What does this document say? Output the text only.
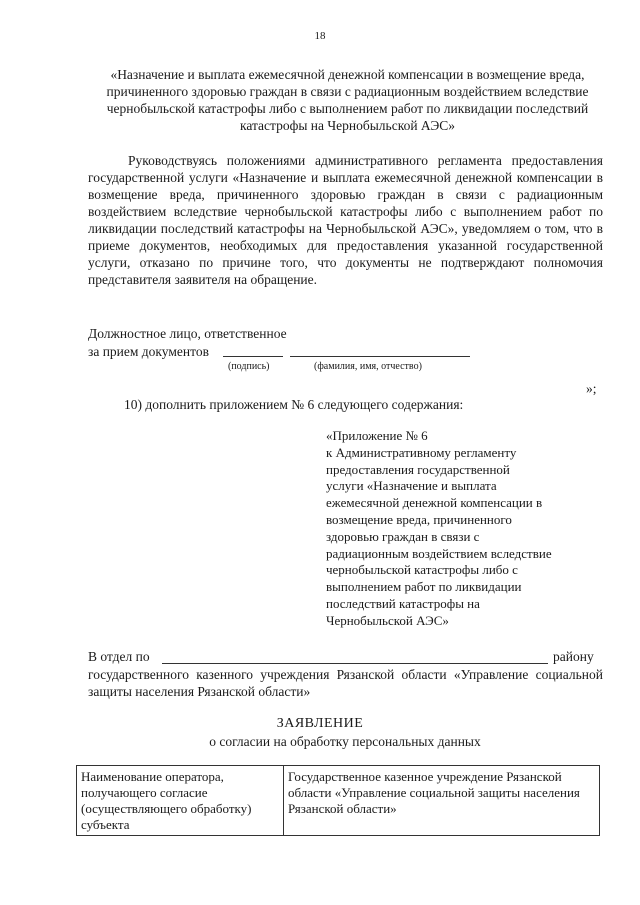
18
«Назначение и выплата ежемесячной денежной компенсации в возмещение вреда, причиненного здоровью граждан в связи с радиационным воздействием вследствие чернобыльской катастрофы либо с выполнением работ по ликвидации последствий катастрофы на Чернобыльской АЭС»
Руководствуясь положениями административного регламента предоставления государственной услуги «Назначение и выплата ежемесячной денежной компенсации в возмещение вреда, причиненного здоровью граждан в связи с радиационным воздействием вследствие чернобыльской катастрофы либо с выполнением работ по ликвидации последствий катастрофы на Чернобыльской АЭС», уведомляем о том, что в приеме документов, необходимых для предоставления указанной государственной услуги, отказано по причине того, что документы не подтверждают полномочия представителя заявителя на обращение.
Должностное лицо, ответственное
за прием документов
(подпись)	(фамилия, имя, отчество)
»;
10) дополнить приложением № 6 следующего содержания:
«Приложение № 6
к Административному регламенту
предоставления государственной
услуги «Назначение и выплата
ежемесячной денежной компенсации в
возмещение вреда, причиненного
здоровью граждан в связи с
радиационным воздействием вследствие
чернобыльской катастрофы либо с
выполнением работ по ликвидации
последствий катастрофы на
Чернобыльской АЭС»
В отдел по	району
государственного казенного учреждения Рязанской области «Управление социальной защиты населения Рязанской области»
ЗАЯВЛЕНИЕ
о согласии на обработку персональных данных
Наименование оператора, получающего согласие (осуществляющего обработку) субъекта	Государственное казенное учреждение Рязанской области «Управление социальной защиты населения Рязанской области»
